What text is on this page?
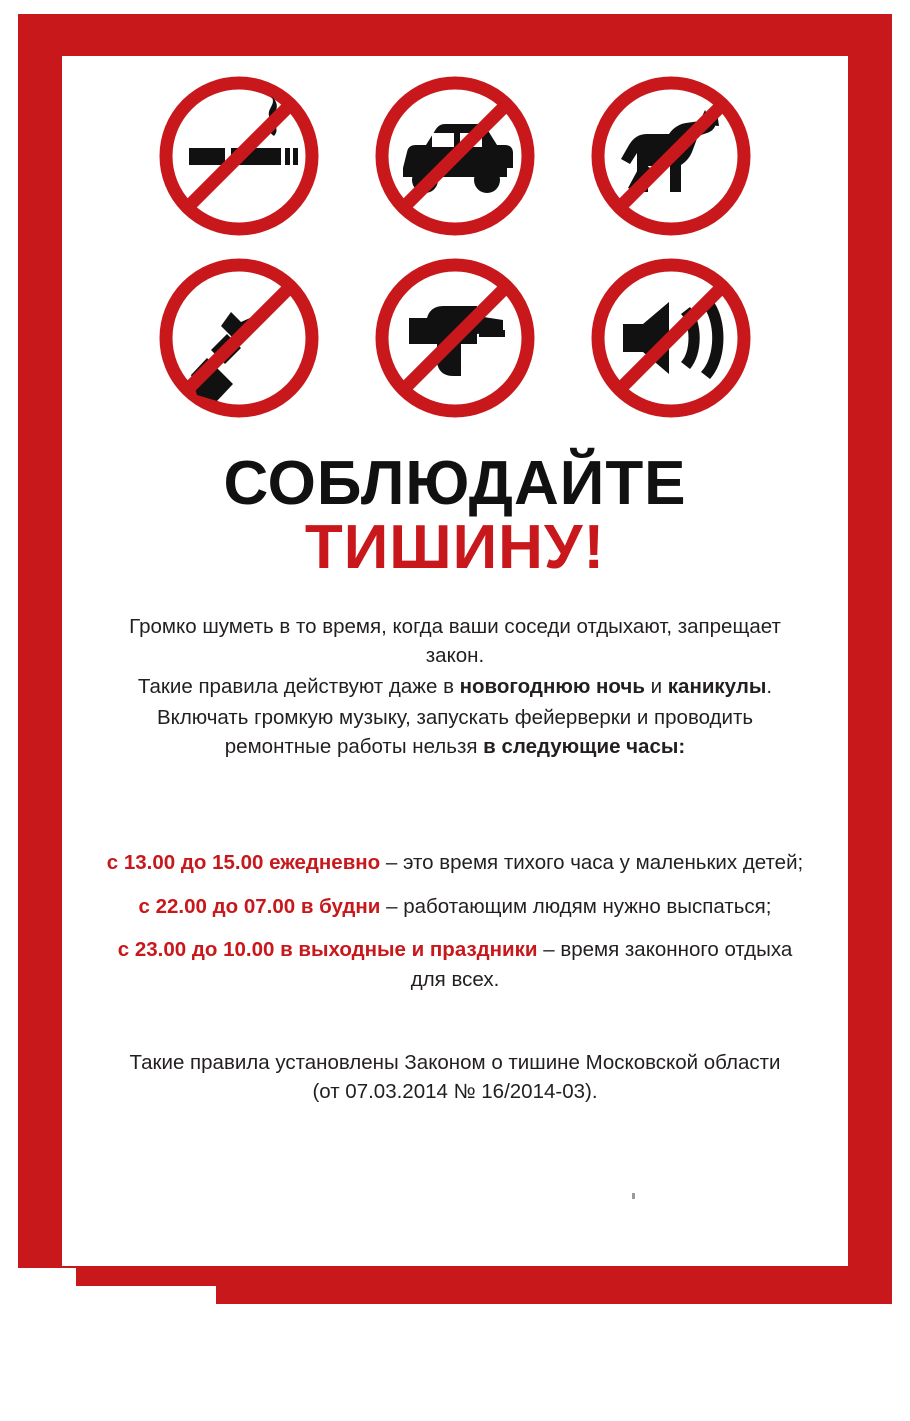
СОБЛЮДАЙТЕ
ТИШИНУ!

Громко шуметь в то время, когда ваши соседи отдыхают, запрещает закон.

Такие правила действуют даже в новогоднюю ночь и каникулы.

Включать громкую музыку, запускать фейерверки и проводить ремонтные работы нельзя в следующие часы:

с 13.00 до 15.00 ежедневно – это время тихого часа у маленьких детей;

с 22.00 до 07.00 в будни – работающим людям нужно выспаться;

с 23.00 до 10.00 в выходные и праздники – время законного отдыха для всех.

Такие правила установлены Законом о тишине Московской области (от 07.03.2014 № 16/2014-03).
